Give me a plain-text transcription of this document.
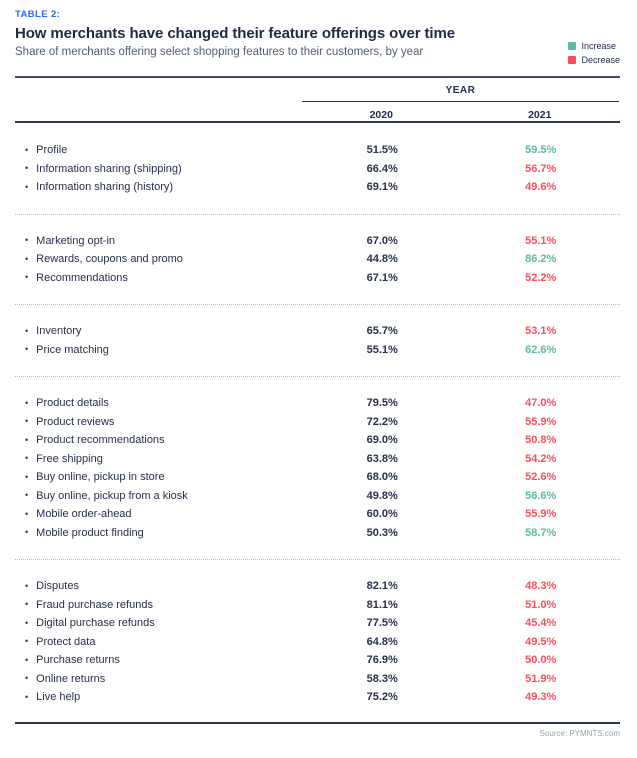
TABLE 2:
How merchants have changed their feature offerings over time

Share of merchants offering select shopping features to their customers, by year	Increase
Decrease
YEAR
2020	2021
• Profile	51.5%	59.5%
• Information sharing (shipping)	66.4%	56.7%
• Information sharing (history)	69.1%	49.6%
• Marketing opt-in	67.0%	55.1%
• Rewards, coupons and promo	44.8%	86.2%
• Recommendations	67.1%	52.2%
• Inventory	65.7%	53.1%
• Price matching	55.1%	62.6%
• Product details	79.5%	47.0%
• Product reviews	72.2%	55.9%
• Product recommendations	69.0%	50.8%
• Free shipping	63.8%	54.2%
• Buy online, pickup in store	68.0%	52.6%
• Buy online, pickup from a kiosk	49.8%	56.6%
• Mobile order-ahead	60.0%	55.9%
• Mobile product finding	50.3%	58.7%
• Disputes	82.1%	48.3%
• Fraud purchase refunds	81.1%	51.0%
• Digital purchase refunds	77.5%	45.4%
• Protect data	64.8%	49.5%
• Purchase returns	76.9%	50.0%
• Online returns	58.3%	51.9%
• Live help	75.2%	49.3%
Source: PYMNTS.com
